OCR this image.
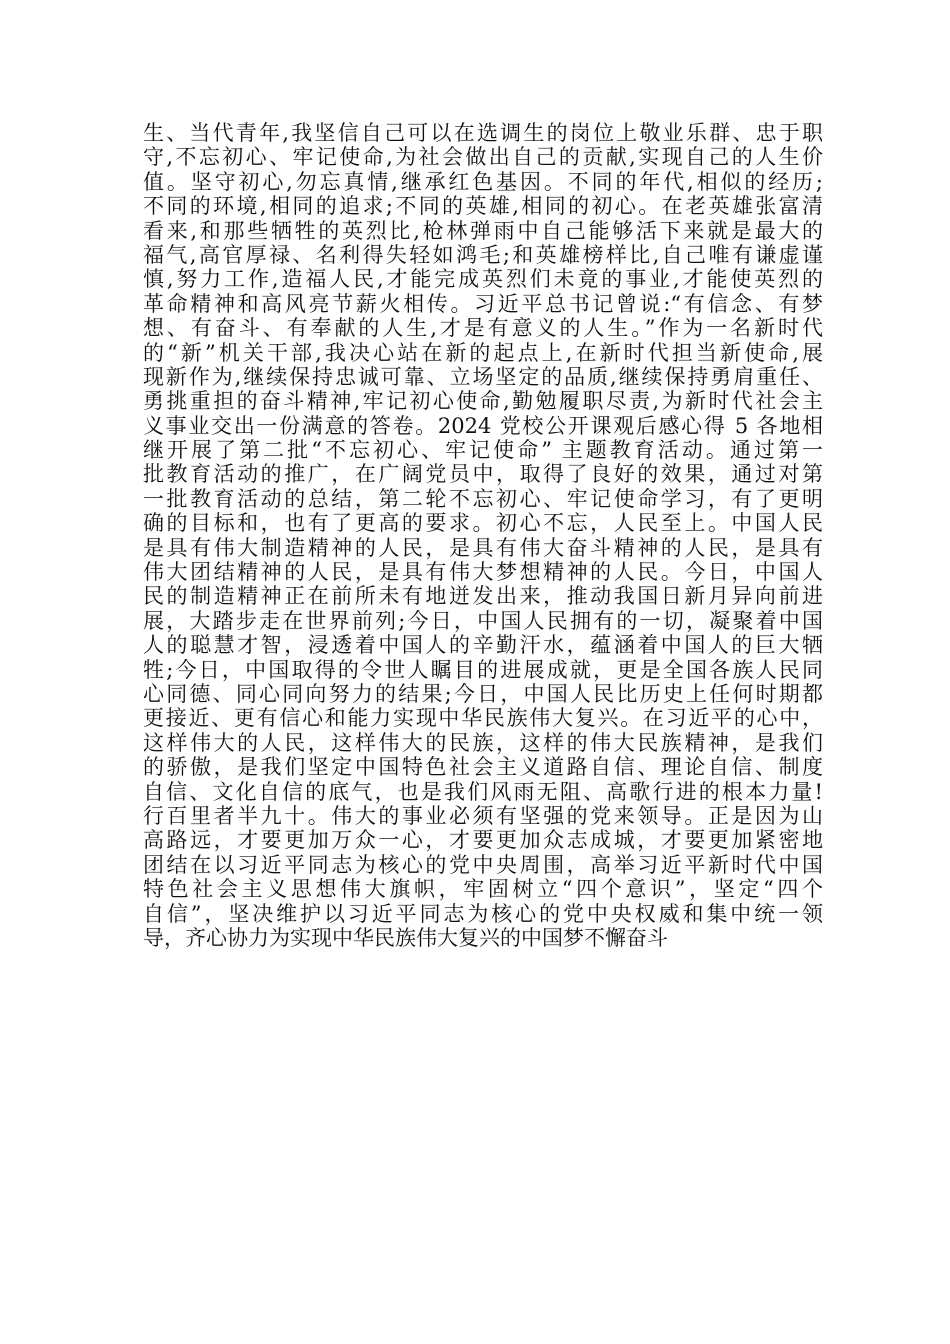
生、当代青年,我坚信自己可以在选调生的岗位上敬业乐群、忠于职
守,不忘初心、牢记使命,为社会做出自己的贡献,实现自己的人生价
值。坚守初心,勿忘真情,继承红色基因。不同的年代,相似的经历;
不同的环境,相同的追求;不同的英雄,相同的初心。在老英雄张富清
看来,和那些牺牲的英烈比,枪林弹雨中自己能够活下来就是最大的
福气,高官厚禄、名利得失轻如鸿毛;和英雄榜样比,自己唯有谦虚谨
慎,努力工作,造福人民,才能完成英烈们未竟的事业,才能使英烈的
革命精神和高风亮节薪火相传。习近平总书记曾说:“有信念、有梦
想、有奋斗、有奉献的人生,才是有意义的人生。”作为一名新时代
的“新”机关干部,我决心站在新的起点上,在新时代担当新使命,展
现新作为,继续保持忠诚可靠、立场坚定的品质,继续保持勇肩重任、
勇挑重担的奋斗精神,牢记初心使命,勤勉履职尽责,为新时代社会主
义事业交出一份满意的答卷。2024 党校公开课观后感心得 5 各地相
继开展了第二批“不忘初心、牢记使命” 主题教育活动。通过第一
批教育活动的推广，在广阔党员中，取得了良好的效果，通过对第
一批教育活动的总结，第二轮不忘初心、牢记使命学习，有了更明
确的目标和，也有了更高的要求。初心不忘，人民至上。中国人民
是具有伟大制造精神的人民，是具有伟大奋斗精神的人民，是具有
伟大团结精神的人民，是具有伟大梦想精神的人民。今日，中国人
民的制造精神正在前所未有地迸发出来，推动我国日新月异向前进
展，大踏步走在世界前列;今日，中国人民拥有的一切，凝聚着中国
人的聪慧才智，浸透着中国人的辛勤汗水，蕴涵着中国人的巨大牺
牲;今日，中国取得的令世人瞩目的进展成就，更是全国各族人民同
心同德、同心同向努力的结果;今日，中国人民比历史上任何时期都
更接近、更有信心和能力实现中华民族伟大复兴。在习近平的心中，
这样伟大的人民，这样伟大的民族，这样的伟大民族精神，是我们
的骄傲，是我们坚定中国特色社会主义道路自信、理论自信、制度
自信、文化自信的底气，也是我们风雨无阻、高歌行进的根本力量!
行百里者半九十。伟大的事业必须有坚强的党来领导。正是因为山
高路远，才要更加万众一心，才要更加众志成城，才要更加紧密地
团结在以习近平同志为核心的党中央周围，高举习近平新时代中国
特色社会主义思想伟大旗帜，牢固树立“四个意识”，坚定“四个
自信”，坚决维护以习近平同志为核心的党中央权威和集中统一领
导，齐心协力为实现中华民族伟大复兴的中国梦不懈奋斗
